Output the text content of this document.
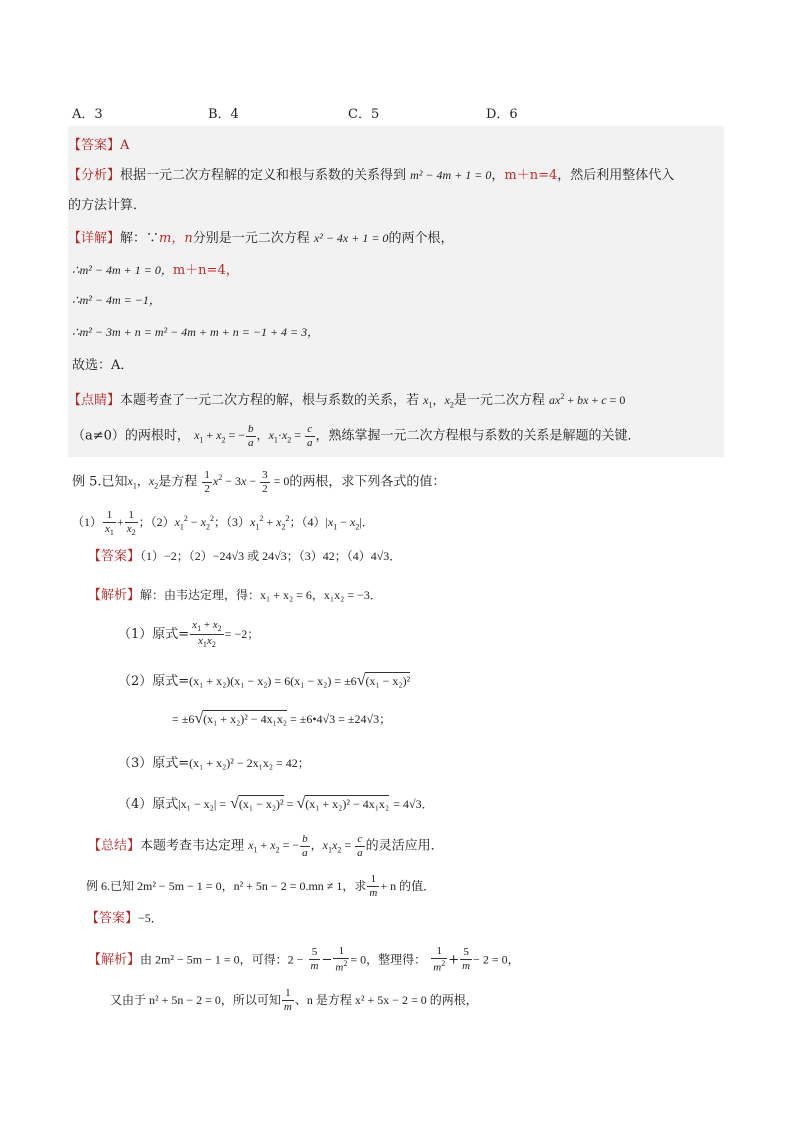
A．3	B．4	C．5	D．6
【答案】A
【分析】根据一元二次方程解的定义和根与系数的关系得到 m² − 4m + 1 = 0，m＋n=4，然后利用整体代入
的方法计算．
【详解】解：∵m，n分别是一元二次方程 x² − 4x + 1 = 0的两个根，
∴m² − 4m + 1 = 0，m＋n=4，
∴m² − 4m = −1，
∴m² − 3m + n = m² − 4m + m + n = −1 + 4 = 3，
故选：A．
【点睛】本题考查了一元二次方程的解，根与系数的关系，若 $x_1$，$x_2$是一元二次方程 $ax^2$ + bx + c = 0
（a≠0）的两根时， $x_1 + x_2$ = − $\frac{b}{a}$ ，$x_1\cdot x_2 = \frac{c}{a}$ ，熟练掌握一元二次方程根与系数的关系是解题的关键．
例 5.已知$x_1$，$x_2$是方程 $\frac{1}{2} x^2 - 3x - \frac{3}{2} = 0$的两根，求下列各式的值：
$(1) \frac{1}{x_1} + \frac{1}{x_2}$ ；$(2)x_1^2 - x_2^2$；$(3)x_1^2 + x_2^2$；$(4)|x_1 - x_2|$．
【答案】（1）−2；（2）−24√3 或 24√3；（3）42；（4）4√3．
【解析】解：由韦达定理，得：x₁ + x₂ = 6，x₁x₂ = −3．
（1）原式= $\frac{x_1 + x_2}{x_1x_2} = -2$；
（2）原式=(x₁ + x₂)(x₁ − x₂) = 6(x₁ − x₂) = ±6√(x₁ − x₂)²
= ±6√(x₁ + x₂)² − 4x₁x₂ = ±6•4√3 = ±24√3；
（3）原式=(x₁ + x₂)² − 2x₁x₂ = 42；
（4）原式|x₁ − x₂| = √(x₁ − x₂)² = √(x₁ + x₂)² − 4x₁x₂ = 4√3．
【总结】本题考查韦达定理 $x_1 + x_2$ = − $\frac{b}{a}$ ，$x_1x_2 = \frac{c}{a}$ 的灵活应用．
例 6.已知 2m² − 5m − 1 = 0，n² + 5n − 2 = 0.mn ≠ 1，求 $\frac{1}{m} + n$ 的值．
【答案】−5．
【解析】由 2m² − 5m − 1 = 0，可得：$2 - \frac{5}{m} - \frac{1}{m^2} = 0$，整理得： $\frac{1}{m^2} + \frac{5}{m} - 2 = 0$，
又由于 n² + 5n − 2 = 0，所以可知 $\frac{1}{m}$ 、n 是方程 x² + 5x − 2 = 0 的两根，
